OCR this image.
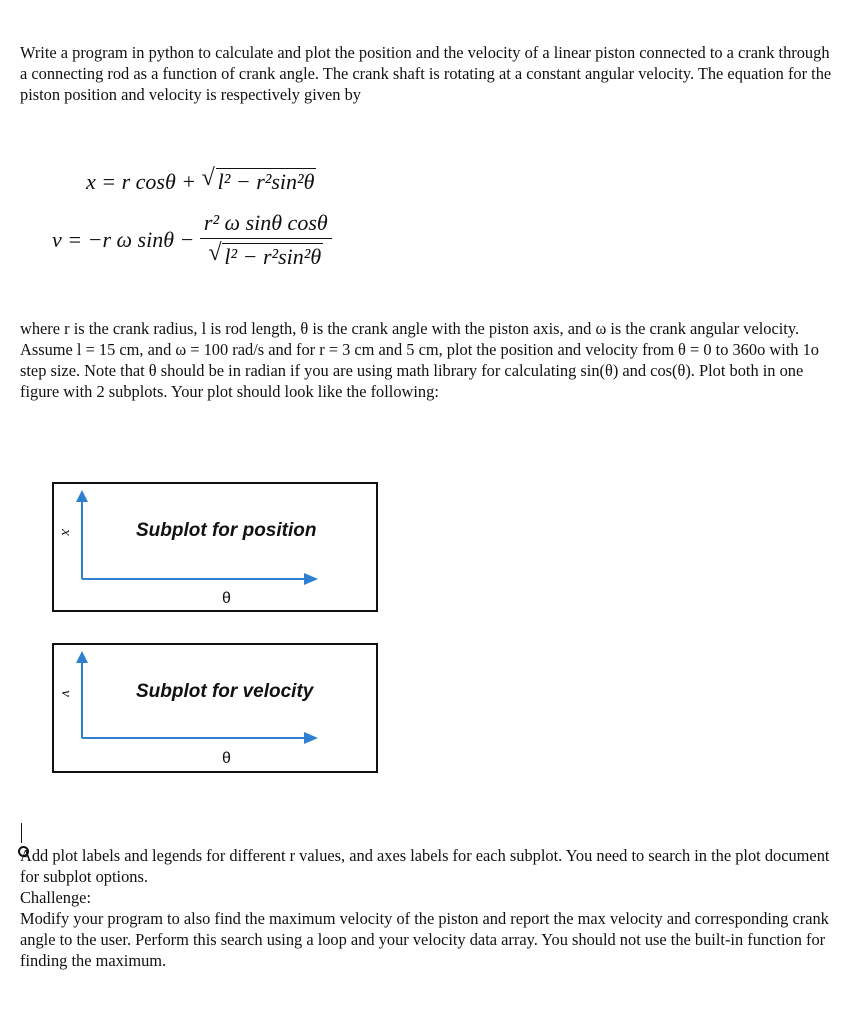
Write a program in python to calculate and plot the position and the velocity of a linear piston connected to a crank through a connecting rod as a function of crank angle. The crank shaft is rotating at a constant angular velocity. The equation for the piston position and velocity is respectively given by

x = r cosθ + √ l² − r²sin²θ
v = −r ω $\sin\theta - \frac{\text{r² ω sinθ cosθ}}{\text{√ l² − r²sin²θ}}$

where r is the crank radius, l is rod length, θ is the crank angle with the piston axis, and ω is the crank angular velocity.

Assume l = 15 cm, and ω = 100 rad/s and for r = 3 cm and 5 cm, plot the position and velocity from θ = 0 to 360o with 1o step size. Note that θ should be in radian if you are using math library for calculating sin(θ) and cos(θ). Plot both in one figure with 2 subplots. Your plot should look like the following:

x	Subplot for position
θ
v	Subplot for velocity
θ

Add plot labels and legends for different r values, and axes labels for each subplot. You need to search in the plot document for subplot options.

Challenge:

Modify your program to also find the maximum velocity of the piston and report the max velocity and corresponding crank angle to the user. Perform this search using a loop and your velocity data array. You should not use the built-in function for finding the maximum.
